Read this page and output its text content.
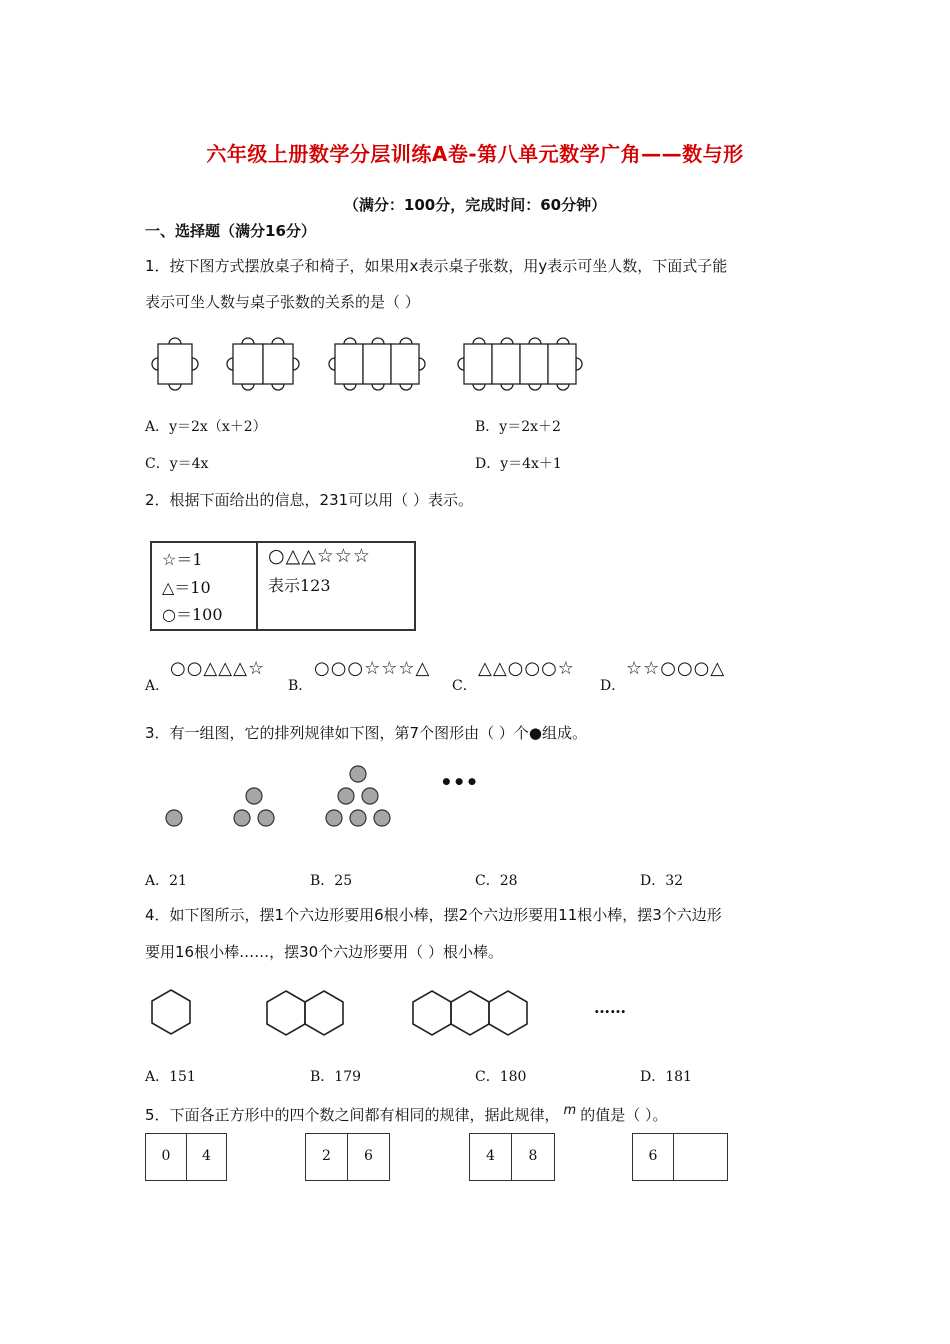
六年级上册数学分层训练A卷-第八单元数学广角——数与形
（满分：100分，完成时间：60分钟）
一、选择题（满分16分）
1．按下图方式摆放桌子和椅子，如果用x表示桌子张数，用y表示可坐人数，下面式子能
表示可坐人数与桌子张数的关系的是（ ）
A．y＝2x（x＋2）	B．y＝2x＋2
C．y＝4x	D．y＝4x＋1
2．根据下面给出的信息，231可以用（ ）表示。
☆＝1
△＝10
○＝100
○△△☆☆☆
表示123
A．
○○△△△☆
B．
○○○☆☆☆△
C．
△△○○○☆
D．
☆☆○○○△
3．有一组图，它的排列规律如下图，第7个图形由（ ）个●组成。
•••
A．21	B．25	C．28	D．32
4．如下图所示，摆1个六边形要用6根小棒，摆2个六边形要用11根小棒，摆3个六边形
要用16根小棒……，摆30个六边形要用（ ）根小棒。
……
A．151	B．179	C．180	D．181
5．下面各正方形中的四个数之间都有相同的规律，据此规律， m 的值是（ ）。
0	4	2	6	4	8	6
